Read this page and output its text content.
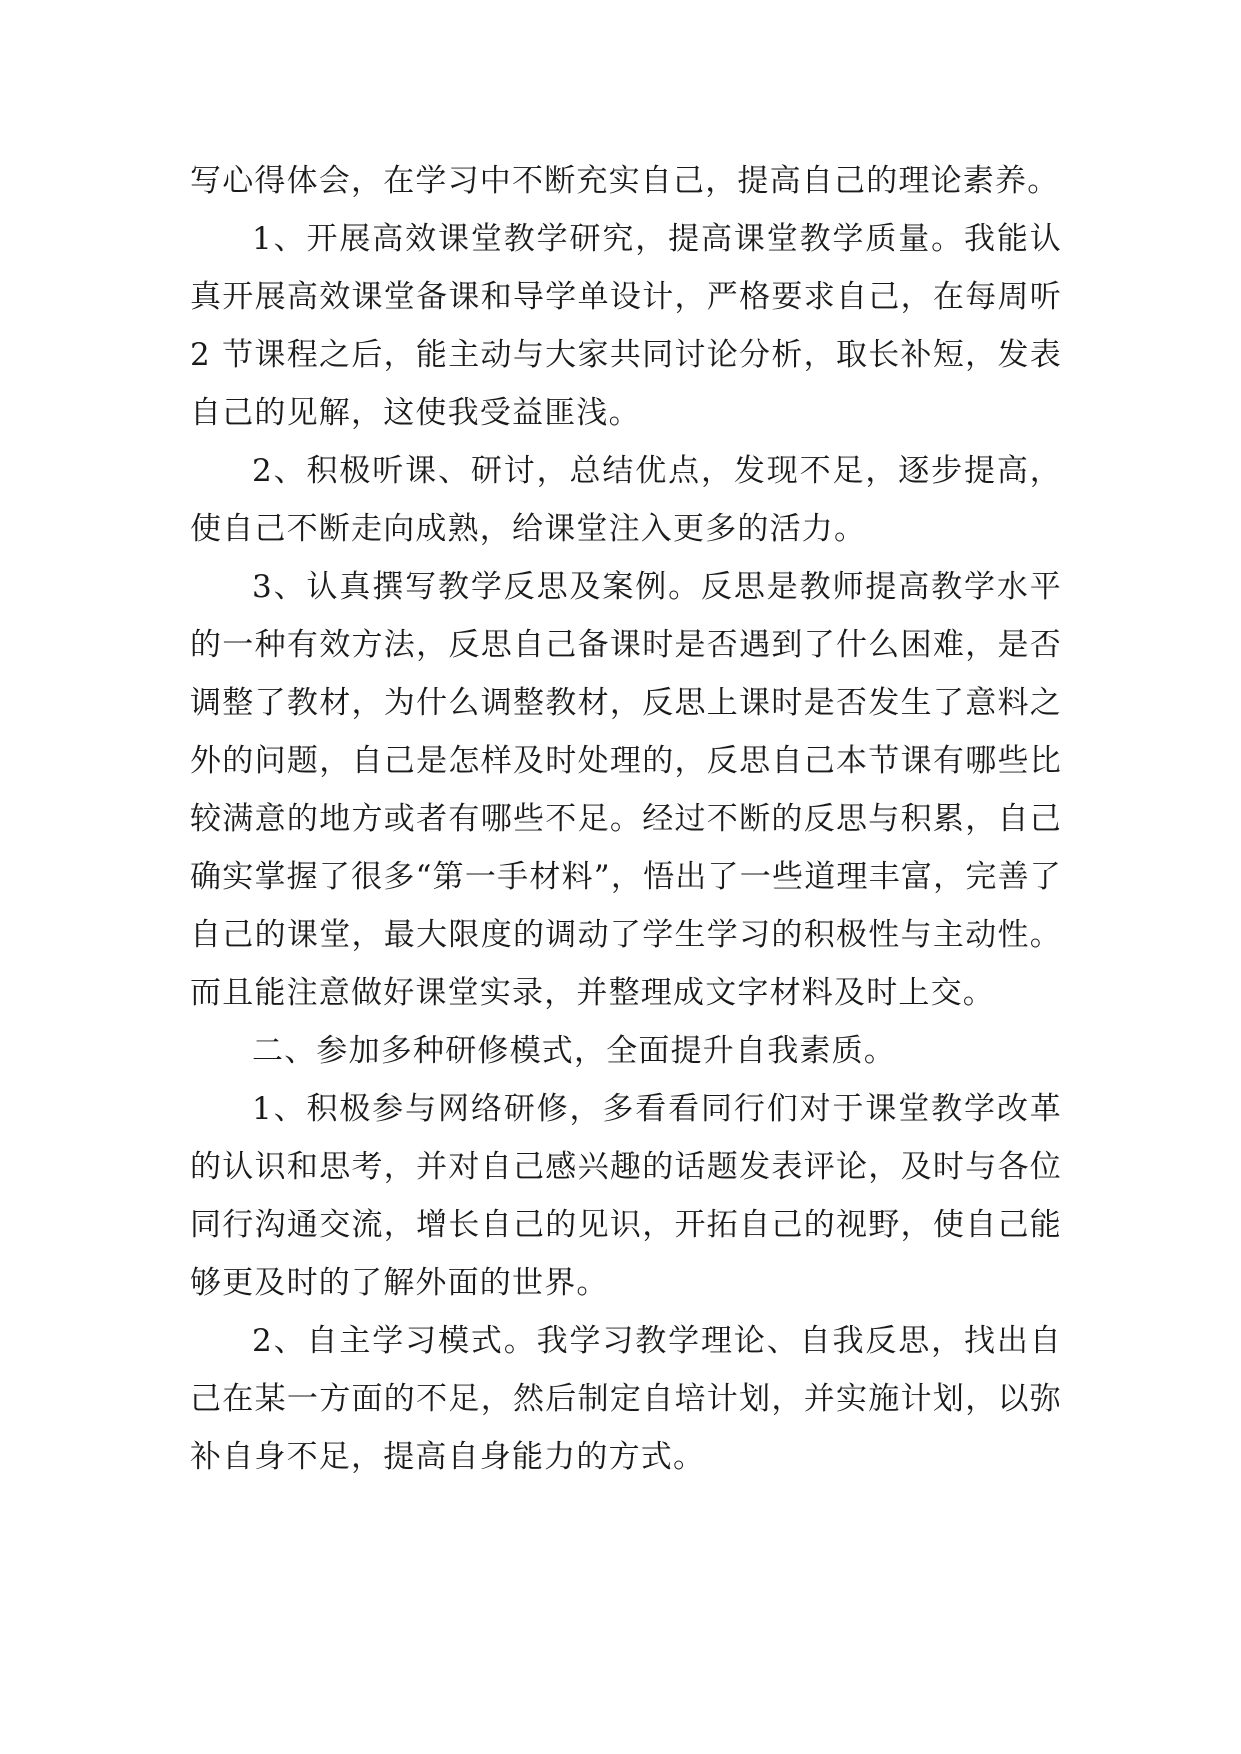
写心得体会，在学习中不断充实自己，提高自己的理论素养。

1、开展高效课堂教学研究，提高课堂教学质量。我能认真开展高效课堂备课和导学单设计，严格要求自己，在每周听 2 节课程之后，能主动与大家共同讨论分析，取长补短，发表自己的见解，这使我受益匪浅。

2、积极听课、研讨，总结优点，发现不足，逐步提高，使自己不断走向成熟，给课堂注入更多的活力。

3、认真撰写教学反思及案例。反思是教师提高教学水平的一种有效方法，反思自己备课时是否遇到了什么困难，是否调整了教材，为什么调整教材，反思上课时是否发生了意料之外的问题，自己是怎样及时处理的，反思自己本节课有哪些比较满意的地方或者有哪些不足。经过不断的反思与积累，自己确实掌握了很多“第一手材料”，悟出了一些道理丰富，完善了自己的课堂，最大限度的调动了学生学习的积极性与主动性。而且能注意做好课堂实录，并整理成文字材料及时上交。

二、参加多种研修模式，全面提升自我素质。

1、积极参与网络研修，多看看同行们对于课堂教学改革的认识和思考，并对自己感兴趣的话题发表评论，及时与各位同行沟通交流，增长自己的见识，开拓自己的视野，使自己能够更及时的了解外面的世界。

2、自主学习模式。我学习教学理论、自我反思，找出自己在某一方面的不足，然后制定自培计划，并实施计划，以弥补自身不足，提高自身能力的方式。
